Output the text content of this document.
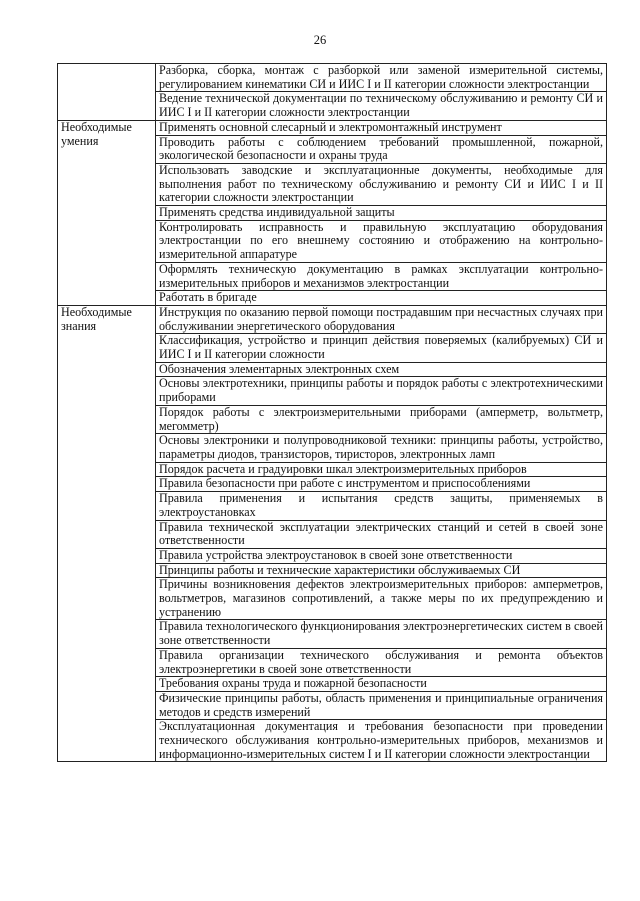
26
	Разборка, сборка, монтаж с разборкой или заменой измерительной системы, регулированием кинематики СИ и ИИС I и II категории сложности электростанции
	Ведение технической документации по техническому обслуживанию и ремонту СИ и ИИС I и II категории сложности электростанции
Необходимые умения	Применять основной слесарный и электромонтажный инструмент
	Проводить работы с соблюдением требований промышленной, пожарной, экологической безопасности и охраны труда
	Использовать заводские и эксплуатационные документы, необходимые для выполнения работ по техническому обслуживанию и ремонту СИ и ИИС I и II категории сложности электростанции
	Применять средства индивидуальной защиты
	Контролировать исправность и правильную эксплуатацию оборудования электростанции по его внешнему состоянию и отображению на контрольно-измерительной аппаратуре
	Оформлять техническую документацию в рамках эксплуатации контрольно-измерительных приборов и механизмов электростанции
	Работать в бригаде
Необходимые знания	Инструкция по оказанию первой помощи пострадавшим при несчастных случаях при обслуживании энергетического оборудования
	Классификация, устройство и принцип действия поверяемых (калибруемых) СИ и ИИС I и II категории сложности
	Обозначения элементарных электронных схем
	Основы электротехники, принципы работы и порядок работы с электротехническими приборами
	Порядок работы с электроизмерительными приборами (амперметр, вольтметр, мегомметр)
	Основы электроники и полупроводниковой техники: принципы работы, устройство, параметры диодов, транзисторов, тиристоров, электронных ламп
	Порядок расчета и градуировки шкал электроизмерительных приборов
	Правила безопасности при работе с инструментом и приспособлениями
	Правила применения и испытания средств защиты, применяемых в электроустановках
	Правила технической эксплуатации электрических станций и сетей в своей зоне ответственности
	Правила устройства электроустановок в своей зоне ответственности
	Принципы работы и технические характеристики обслуживаемых СИ
	Причины возникновения дефектов электроизмерительных приборов: амперметров, вольтметров, магазинов сопротивлений, а также меры по их предупреждению и устранению
	Правила технологического функционирования электроэнергетических систем в своей зоне ответственности
	Правила организации технического обслуживания и ремонта объектов электроэнергетики в своей зоне ответственности
	Требования охраны труда и пожарной безопасности
	Физические принципы работы, область применения и принципиальные ограничения методов и средств измерений
	Эксплуатационная документация и требования безопасности при проведении технического обслуживания контрольно-измерительных приборов, механизмов и информационно-измерительных систем I и II категории сложности электростанции
